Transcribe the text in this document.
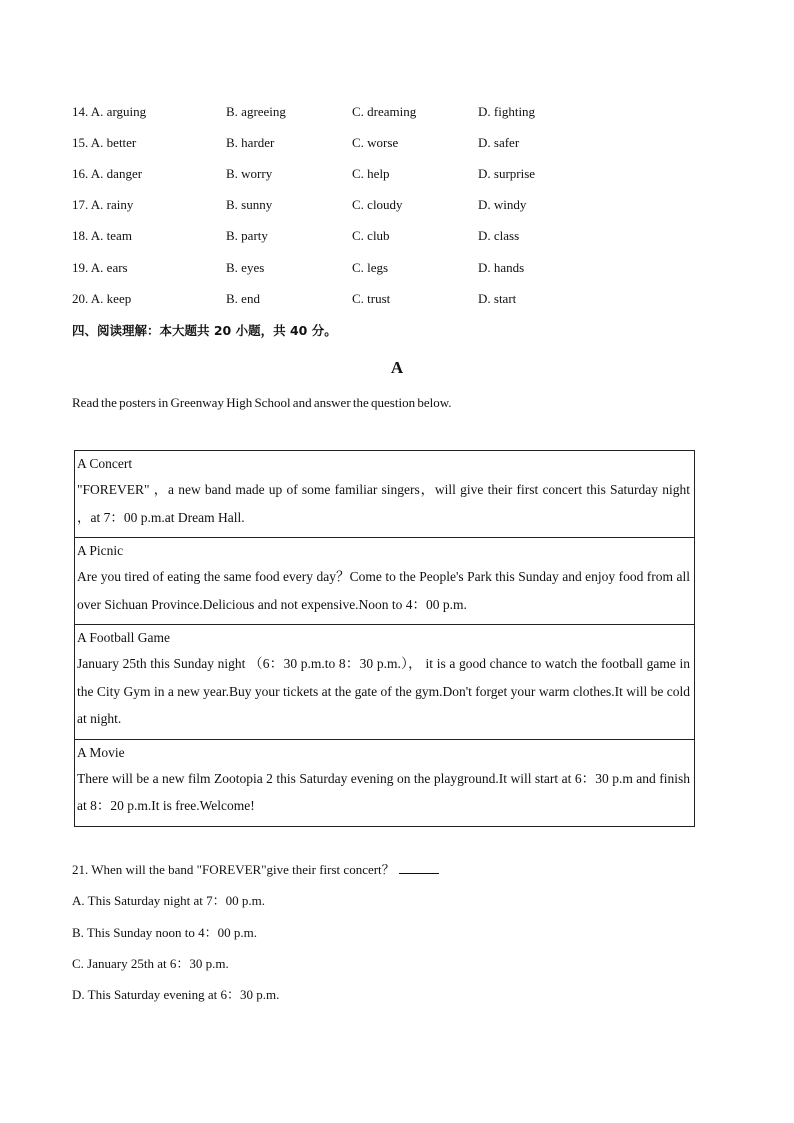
14. A. arguing	B. agreeing	C. dreaming	D. fighting
15. A. better	B. harder	C. worse	D. safer
16. A. danger	B. worry	C. help	D. surprise
17. A. rainy	B. sunny	C. cloudy	D. windy
18. A. team	B. party	C. club	D. class
19. A. ears	B. eyes	C. legs	D. hands
20. A. keep	B. end	C. trust	D. start
四、阅读理解：本大题共 20 小题，共 40 分。
A
Read the posters in Greenway High School and answer the question below.
A Concert
"FOREVER" ，a new band made up of some familiar singers，will give their first concert this Saturday night ，at 7：00 p.m.at Dream Hall.
A Picnic
Are you tired of eating the same food every day？Come to the People's Park this Sunday and enjoy food from all over Sichuan Province.Delicious and not expensive.Noon to 4：00 p.m.
A Football Game
January 25th this Sunday night （6：30 p.m.to 8：30 p.m.）， it is a good chance to watch the football game in the City Gym in a new year.Buy your tickets at the gate of the gym.Don't forget your warm clothes.It will be cold at night.
A Movie
There will be a new film Zootopia 2 this Saturday evening on the playground.It will start at 6：30 p.m and finish at 8：20 p.m.It is free.Welcome!
21. When will the band "FOREVER"give their first concert？
A. This Saturday night at 7：00 p.m.
B. This Sunday noon to 4：00 p.m.
C. January 25th at 6：30 p.m.
D. This Saturday evening at 6：30 p.m.
